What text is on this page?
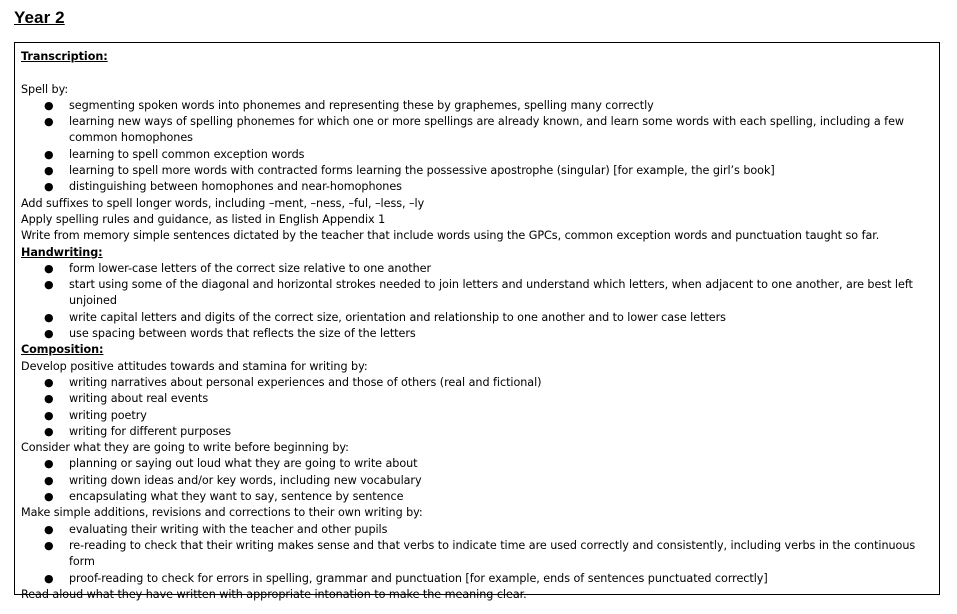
Year 2
Transcription:
Spell by:
● segmenting spoken words into phonemes and representing these by graphemes, spelling many correctly
● learning new ways of spelling phonemes for which one or more spellings are already known, and learn some words with each spelling, including a few common homophones
● learning to spell common exception words
● learning to spell more words with contracted forms learning the possessive apostrophe (singular) [for example, the girl’s book]
● distinguishing between homophones and near-homophones
Add suffixes to spell longer words, including –ment, –ness, –ful, –less, –ly
Apply spelling rules and guidance, as listed in English Appendix 1
Write from memory simple sentences dictated by the teacher that include words using the GPCs, common exception words and punctuation taught so far.
Handwriting:
● form lower-case letters of the correct size relative to one another
● start using some of the diagonal and horizontal strokes needed to join letters and understand which letters, when adjacent to one another, are best left unjoined
● write capital letters and digits of the correct size, orientation and relationship to one another and to lower case letters
● use spacing between words that reflects the size of the letters
Composition:
Develop positive attitudes towards and stamina for writing by:
● writing narratives about personal experiences and those of others (real and fictional)
● writing about real events
● writing poetry
● writing for different purposes
Consider what they are going to write before beginning by:
● planning or saying out loud what they are going to write about
● writing down ideas and/or key words, including new vocabulary
● encapsulating what they want to say, sentence by sentence
Make simple additions, revisions and corrections to their own writing by:
● evaluating their writing with the teacher and other pupils
● re-reading to check that their writing makes sense and that verbs to indicate time are used correctly and consistently, including verbs in the continuous form
● proof-reading to check for errors in spelling, grammar and punctuation [for example, ends of sentences punctuated correctly]
Read aloud what they have written with appropriate intonation to make the meaning clear.
